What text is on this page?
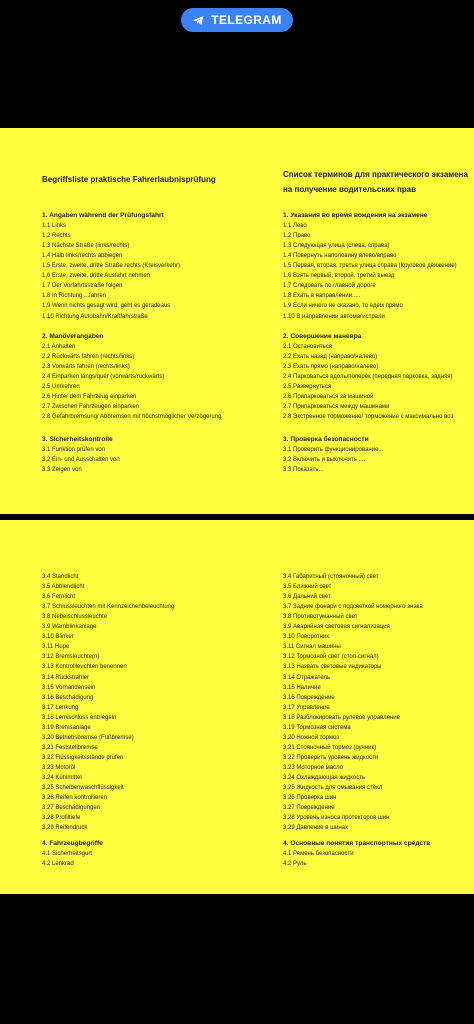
TELEGRAM
Begriffsliste praktische Fahrerlaubnisprüfung
1. Angaben während der Prüfungsfahrt
1.1 Links
1.2 Rechts
1.3 Nächste Straße (links/rechts)
1.4 Halb links/rechts abbiegen
1.5 Erste, zweite, dritte Straße rechts (Kreisverkehr)
1.6 Erste, zweite, dritte Ausfahrt nehmen
1.7 Der Vorfahrtsstraße folgen
1.8 In Richtung ...fahren
1.9 Wenn nichts gesagt wird, geht es geradeaus
1.10 Richtung Autobahn/Kraftfahrstraße
2. Manöverangaben
2.1 Anhalten
2.2 Rückwärts fahren (rechts/links)
2.3 Vorwärts fahren (rechts/links)
2.4 Einparken längs/quer (vorwärts/rückwärts)
2.5 Umkehren
2.6 Hinter dem Fahrzeug einparken
2.7 Zwischen Fahrzeugen einparken
2.8 Gefahrbremsung/ Abbremsen mit höchstmöglicher Verzögerung
3. Sicherheitskontrolle
3.1 Funktion prüfen von
3.2 Ein- und Ausschalten von
3.3 Zeigen von
Список терминов для практического экзамена
на получение водительских прав
1. Указания во время вождения на экзамене
1.1 Лево
1.2 Право
1.3 Следующая улица (слева, справа)
1.4 Повернуть наполовину влево/вправо
1.5 Первая, вторая, третья улица справа (Круговое движение)
1.6 Взять первый, второй, третий выезд
1.7 Следовать по главной дороге
1.8 Ехать в направлении.....
1.9 Если ничего не сказано, то едем прямо
1.10 В направлении автомагистрали
2. Совершение маневра
2.1 Остановиться
2.2 Ехать назад (направо/налево)
2.3 Ехать прямо (направо/налево)
2.4 Парковаться вдоль/поперёк (передняя парковка, задняя)
2.5 Развернуться
2.6 Припарковаться за машиной
2.7 Припарковаться между машинами
2.8 Экстренное торможение/ торможение с максимально воз
3. Проверка безопасности
3.1 Проверить функционирование...
3.2 Включить и выключить ....
3.3 Показать...
3.4 Standlicht
3.5 Abblendlicht
3.6 Fernlicht
3.7 Schlussleuchten mit Kennzeichenbeleuchtung
3.8 Nebelschlussleuchte
3.9 Warnblinkanlage
3.10 Blinker
3.11 Hupe
3.12 Bremsleuchte(n)
3.13 Kontrollleuchten benennen
3.14 Rückstrahler
3.15 Vorhandensein
3.16 Beschädigung
3.17 Lenkung
3.18 Lenkschloss entriegeln
3.19 Bremsanlage
3.20 Betriebsbremse (Fußbremse)
3.21 Feststellbremse
3.22 Flüssigkeitsstände prüfen
3.23 Motoröl
3.24 Kühlmittel
3.25 Scheibenwaschflüssigkeit
3.26 Reifen kontrollieren
3.27 Beschädigungen
3.28 Profiltiefe
3.29 Reifendruck
4. Fahrzeugbegriffe
4.1 Sicherheitsgurt
4.2 Lenkrad
3.4 Габаритный (стояночный) свет
3.5 Ближний свет
3.6 Дальний свет
3.7 Задние фонари с подсветкой номерного знака
3.8 Противотуманный свет
3.9 Аварийная световая сигнализация
3.10 Поворотник
3.11 Сигнал машины
3.12 Тормозной свет (стоп-сигнал)
3.13 Назвать световые индикаторы
3.14 Отражатель
3.15 Наличие
3.16 Повреждение
3.17 Управление
3.18 Разблокировать рулевое управление
3.19 Тормозная система
3.20 Ножной тормоз
3.21 Стояночный тормоз (ручник)
3.22 Проверить уровень жидкости
3.23 Моторное масло
3.24 Охлаждающая жидкость
3.25 Жидкость для омывания стёкл
3.26 Проверка шин
3.27 Повреждение
3.28 Уровень износа протекторов шин
3.29 Давление в шинах
4. Основные понятия транспортных средств
4.1 Ремень безопасности
4.2 Руль
